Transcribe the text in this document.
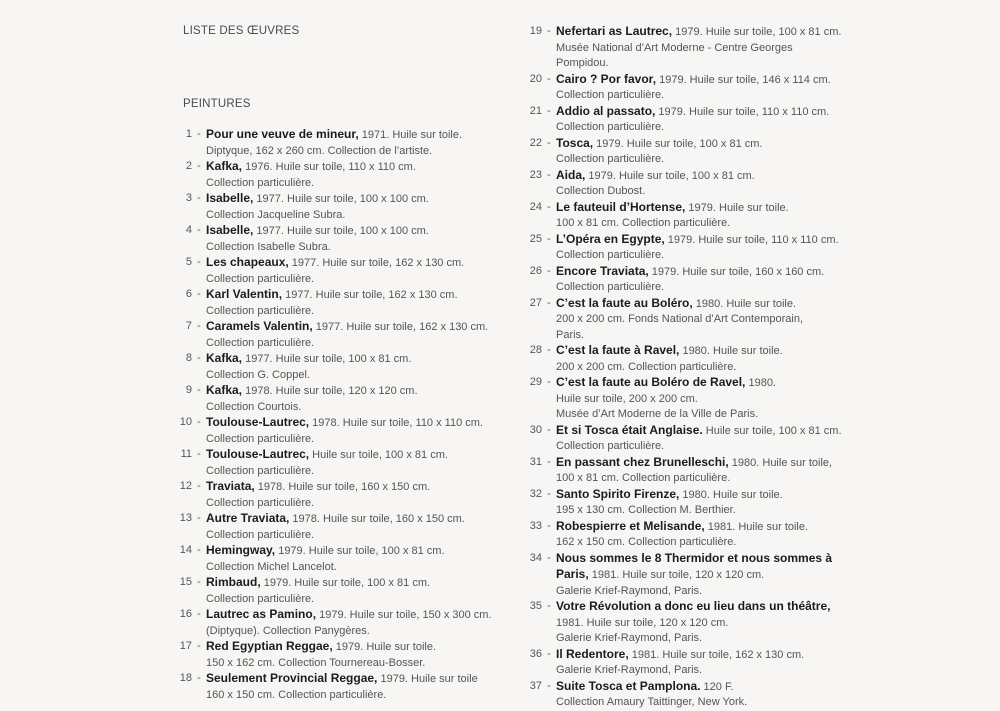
LISTE DES ŒUVRES
PEINTURES
1 - Pour une veuve de mineur, 1971. Huile sur toile.
Diptyque, 162 x 260 cm. Collection de l’artiste.
2 - Kafka, 1976. Huile sur toile, 110 x 110 cm.
Collection particulière.
3 - Isabelle, 1977. Huile sur toile, 100 x 100 cm.
Collection Jacqueline Subra.
4 - Isabelle, 1977. Huile sur toile, 100 x 100 cm.
Collection Isabelle Subra.
5 - Les chapeaux, 1977. Huile sur toile, 162 x 130 cm.
Collection particulière.
6 - Karl Valentin, 1977. Huile sur toile, 162 x 130 cm.
Collection particulière.
7 - Caramels Valentin, 1977. Huile sur toile, 162 x 130 cm.
Collection particulière.
8 - Kafka, 1977. Huile sur toile, 100 x 81 cm.
Collection G. Coppel.
9 - Kafka, 1978. Huile sur toile, 120 x 120 cm.
Collection Courtois.
10 - Toulouse-Lautrec, 1978. Huile sur toile, 110 x 110 cm.
Collection particulière.
11 - Toulouse-Lautrec, Huile sur toile, 100 x 81 cm.
Collection particulière.
12 - Traviata, 1978. Huile sur toile, 160 x 150 cm.
Collection particulière.
13 - Autre Traviata, 1978. Huile sur toile, 160 x 150 cm.
Collection particulière.
14 - Hemingway, 1979. Huile sur toile, 100 x 81 cm.
Collection Michel Lancelot.
15 - Rimbaud, 1979. Huile sur toile, 100 x 81 cm.
Collection particulière.
16 - Lautrec as Pamino, 1979. Huile sur toile, 150 x 300 cm.
(Diptyque). Collection Panygères.
17 - Red Egyptian Reggae, 1979. Huile sur toile.
150 x 162 cm. Collection Tournereau-Bosser.
18 - Seulement Provincial Reggae, 1979. Huile sur toile
160 x 150 cm. Collection particulière.
19 - Nefertari as Lautrec, 1979. Huile sur toile, 100 x 81 cm.
Musée National d’Art Moderne - Centre Georges
Pompidou.
20 - Cairo ? Por favor, 1979. Huile sur toile, 146 x 114 cm.
Collection particulière.
21 - Addio al passato, 1979. Huile sur toile, 110 x 110 cm.
Collection particulière.
22 - Tosca, 1979. Huile sur toile, 100 x 81 cm.
Collection particulière.
23 - Aida, 1979. Huile sur toile, 100 x 81 cm.
Collection Dubost.
24 - Le fauteuil d’Hortense, 1979. Huile sur toile.
100 x 81 cm. Collection particulière.
25 - L’Opéra en Egypte, 1979. Huile sur toile, 110 x 110 cm.
Collection particulière.
26 - Encore Traviata, 1979. Huile sur toile, 160 x 160 cm.
Collection particulière.
27 - C’est la faute au Boléro, 1980. Huile sur toile.
200 x 200 cm. Fonds National d’Art Contemporain,
Paris.
28 - C’est la faute à Ravel, 1980. Huile sur toile.
200 x 200 cm. Collection particulière.
29 - C’est la faute au Boléro de Ravel, 1980.
Huile sur toile, 200 x 200 cm.
Musée d’Art Moderne de la Ville de Paris.
30 - Et si Tosca était Anglaise. Huile sur toile, 100 x 81 cm.
Collection particulière.
31 - En passant chez Brunelleschi, 1980. Huile sur toile,
100 x 81 cm. Collection particulière.
32 - Santo Spirito Firenze, 1980. Huile sur toile.
195 x 130 cm. Collection M. Berthier.
33 - Robespierre et Melisande, 1981. Huile sur toile.
162 x 150 cm. Collection particulière.
34 - Nous sommes le 8 Thermidor et nous sommes à
Paris, 1981. Huile sur toile, 120 x 120 cm.
Galerie Krief-Raymond, Paris.
35 - Votre Révolution a donc eu lieu dans un théâtre,
1981. Huile sur toile, 120 x 120 cm.
Galerie Krief-Raymond, Paris.
36 - Il Redentore, 1981. Huile sur toile, 162 x 130 cm.
Galerie Krief-Raymond, Paris.
37 - Suite Tosca et Pamplona. 120 F.
Collection Amaury Taittinger, New York.
